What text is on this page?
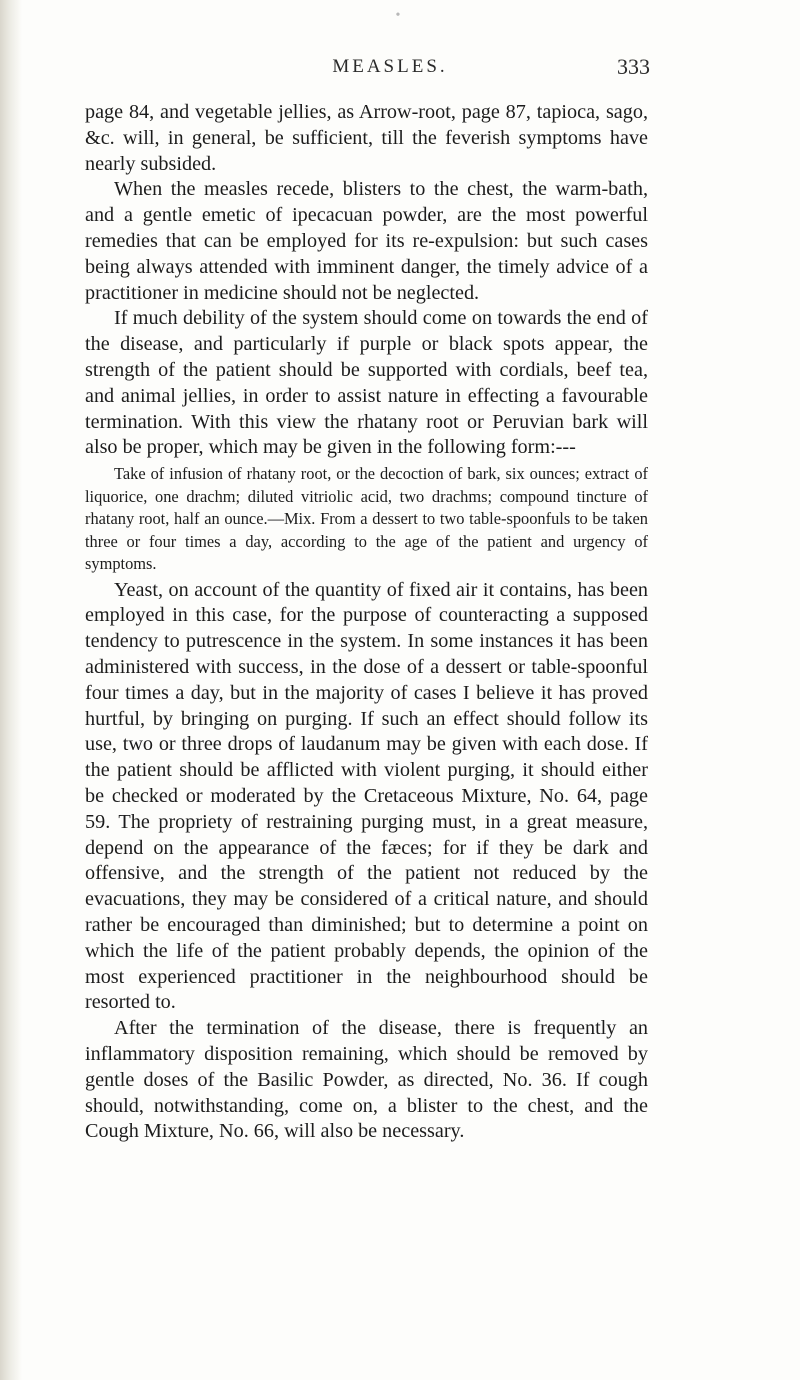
•
MEASLES.	333

page 84, and vegetable jellies, as Arrow-root, page 87, tapioca, sago, &c. will, in general, be sufficient, till the feverish symptoms have nearly subsided.

When the measles recede, blisters to the chest, the warm-bath, and a gentle emetic of ipecacuan powder, are the most powerful remedies that can be employed for its re-expulsion: but such cases being always attended with imminent danger, the timely advice of a practitioner in medicine should not be neglected.

If much debility of the system should come on towards the end of the disease, and particularly if purple or black spots appear, the strength of the patient should be supported with cordials, beef tea, and animal jellies, in order to assist nature in effecting a favourable termination. With this view the rhatany root or Peruvian bark will also be proper, which may be given in the following form:---

Take of infusion of rhatany root, or the decoction of bark, six ounces; extract of liquorice, one drachm; diluted vitriolic acid, two drachms; compound tincture of rhatany root, half an ounce.—Mix. From a dessert to two table-spoonfuls to be taken three or four times a day, according to the age of the patient and urgency of symptoms.

Yeast, on account of the quantity of fixed air it contains, has been employed in this case, for the purpose of counteracting a supposed tendency to putrescence in the system. In some instances it has been administered with success, in the dose of a dessert or table-spoonful four times a day, but in the majority of cases I believe it has proved hurtful, by bringing on purging. If such an effect should follow its use, two or three drops of laudanum may be given with each dose. If the patient should be afflicted with violent purging, it should either be checked or moderated by the Cretaceous Mixture, No. 64, page 59. The propriety of restraining purging must, in a great measure, depend on the appearance of the fæces; for if they be dark and offensive, and the strength of the patient not reduced by the evacuations, they may be considered of a critical nature, and should rather be encouraged than diminished; but to determine a point on which the life of the patient probably depends, the opinion of the most experienced practitioner in the neighbourhood should be resorted to.

After the termination of the disease, there is frequently an inflammatory disposition remaining, which should be removed by gentle doses of the Basilic Powder, as directed, No. 36. If cough should, notwithstanding, come on, a blister to the chest, and the Cough Mixture, No. 66, will also be necessary.
